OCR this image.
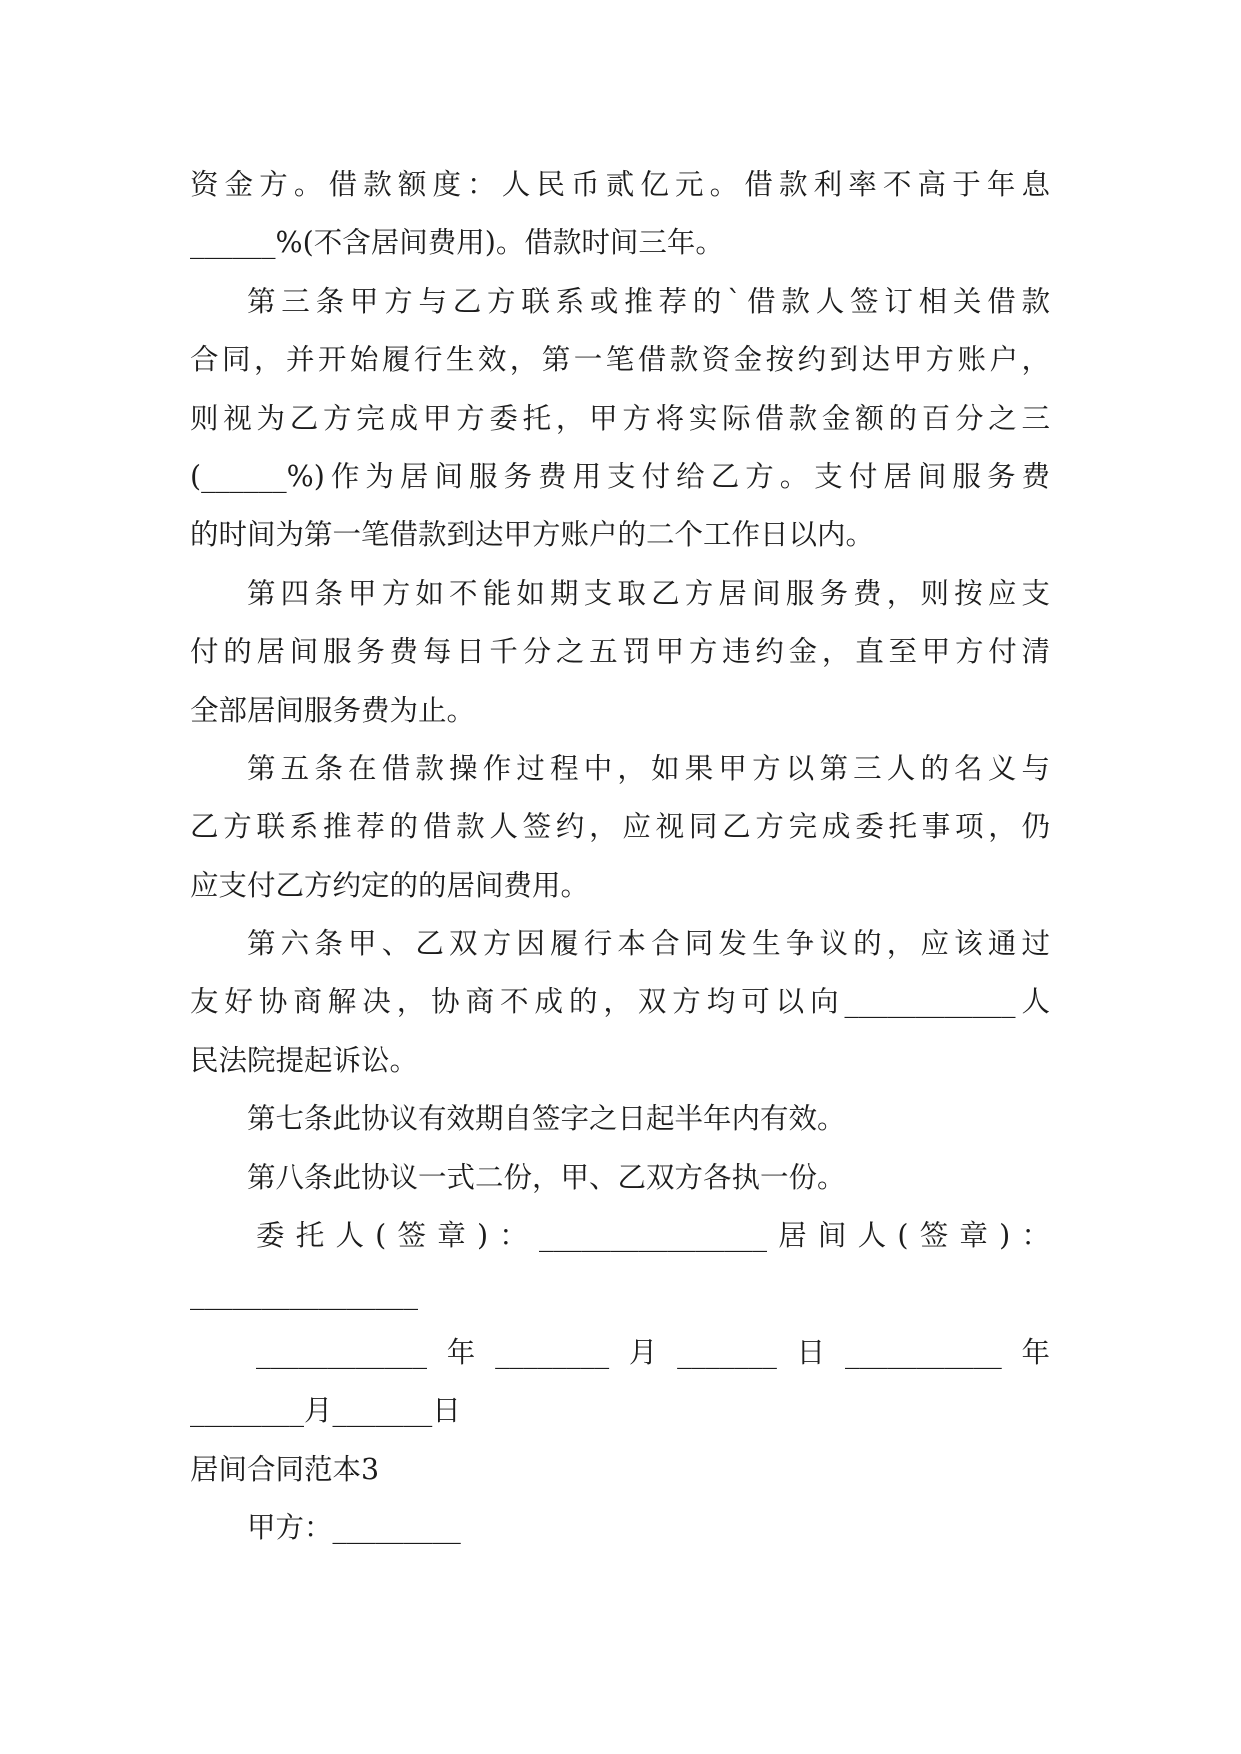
资金方。借款额度：人民币贰亿元。借款利率不高于年息
______%(不含居间费用)。借款时间三年。
第三条甲方与乙方联系或推荐的`借款人签订相关借款
合同，并开始履行生效，第一笔借款资金按约到达甲方账户，
则视为乙方完成甲方委托，甲方将实际借款金额的百分之三
(______%)作为居间服务费用支付给乙方。支付居间服务费
的时间为第一笔借款到达甲方账户的二个工作日以内。
第四条甲方如不能如期支取乙方居间服务费，则按应支
付的居间服务费每日千分之五罚甲方违约金，直至甲方付清
全部居间服务费为止。
第五条在借款操作过程中，如果甲方以第三人的名义与
乙方联系推荐的借款人签约，应视同乙方完成委托事项，仍
应支付乙方约定的的居间费用。
第六条甲、乙双方因履行本合同发生争议的，应该通过
友好协商解决，协商不成的，双方均可以向____________人
民法院提起诉讼。
第七条此协议有效期自签字之日起半年内有效。
第八条此协议一式二份，甲、乙双方各执一份。
委托人(签章)：________________居间人(签章)：
________________
____________年________月_______日___________年
________月_______日
居间合同范本3
甲方：_________
